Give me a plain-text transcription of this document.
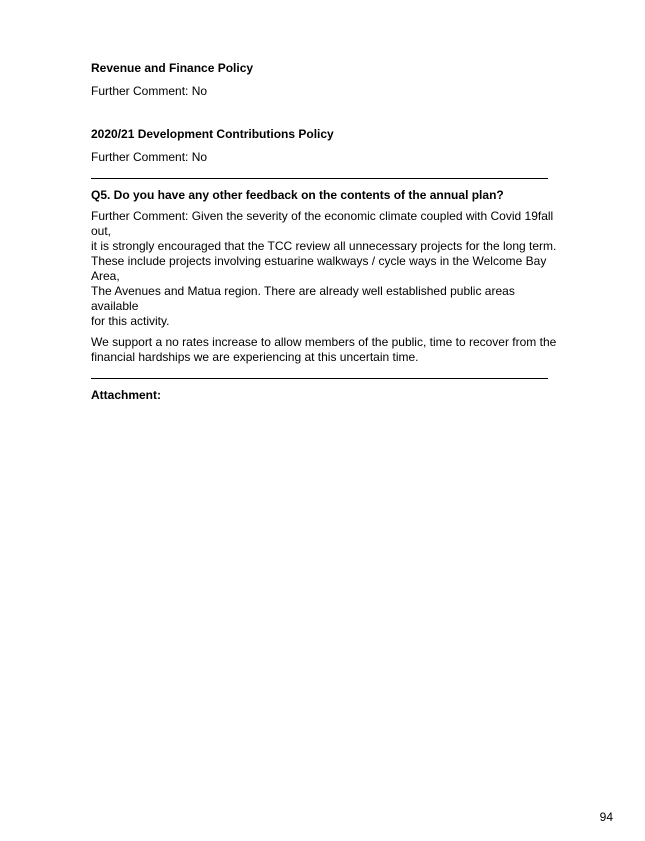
Revenue and Finance Policy

Further Comment: No

2020/21 Development Contributions Policy

Further Comment: No

Q5. Do you have any other feedback on the contents of the annual plan?

Further Comment: Given the severity of the economic climate coupled with Covid 19fall out,

it is strongly encouraged that the TCC review all unnecessary projects for the long term.

These include projects involving estuarine walkways / cycle ways in the Welcome Bay Area,

The Avenues and Matua region. There are already well established public areas available

for this activity.

We support a no rates increase to allow members of the public, time to recover from the

financial hardships we are experiencing at this uncertain time.

Attachment:

94
